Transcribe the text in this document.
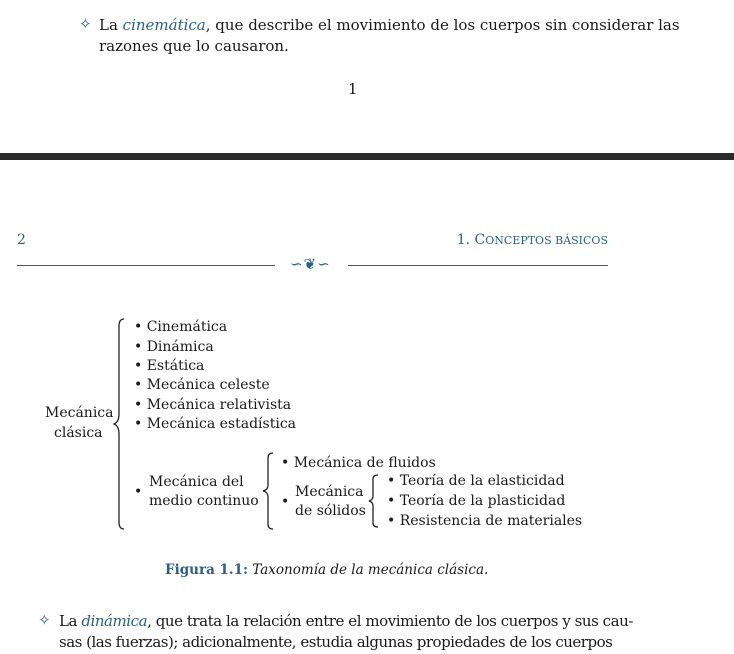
✧ La cinemática, que describe el movimiento de los cuerpos sin considerar las
razones que lo causaron.
1
2	1. CONCEPTOS BÁSICOS
∽❦∽
Mecánica
clásica
• Cinemática
• Dinámica
• Estática
• Mecánica celeste
• Mecánica relativista
• Mecánica estadística
•
Mecánica del
medio continuo
• Mecánica de fluidos
•
Mecánica
de sólidos
• Teoría de la elasticidad
• Teoría de la plasticidad
• Resistencia de materiales
Figura 1.1: Taxonomía de la mecánica clásica.
✧ La dinámica, que trata la relación entre el movimiento de los cuerpos y sus cau-
sas (las fuerzas); adicionalmente, estudia algunas propiedades de los cuerpos
